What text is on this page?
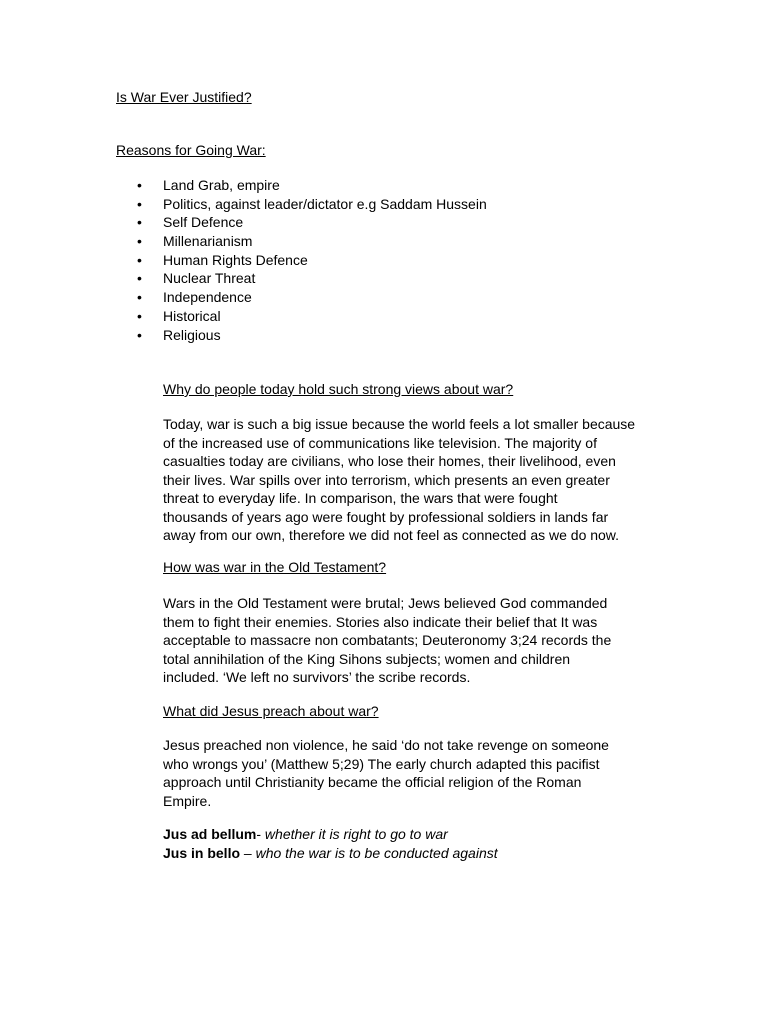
Is War Ever Justified?
Reasons for Going War:
• Land Grab, empire
• Politics, against leader/dictator e.g Saddam Hussein
• Self Defence
• Millenarianism
• Human Rights Defence
• Nuclear Threat
• Independence
• Historical
• Religious
Why do people today hold such strong views about war?
Today, war is such a big issue because the world feels a lot smaller because
of the increased use of communications like television. The majority of
casualties today are civilians, who lose their homes, their livelihood, even
their lives. War spills over into terrorism, which presents an even greater
threat to everyday life. In comparison, the wars that were fought
thousands of years ago were fought by professional soldiers in lands far
away from our own, therefore we did not feel as connected as we do now.
How was war in the Old Testament?
Wars in the Old Testament were brutal; Jews believed God commanded
them to fight their enemies. Stories also indicate their belief that It was
acceptable to massacre non combatants; Deuteronomy 3;24 records the
total annihilation of the King Sihons subjects; women and children
included. ‘We left no survivors’ the scribe records.
What did Jesus preach about war?
Jesus preached non violence, he said ‘do not take revenge on someone
who wrongs you’ (Matthew 5;29) The early church adapted this pacifist
approach until Christianity became the official religion of the Roman
Empire.
Jus ad bellum- whether it is right to go to war
Jus in bello – who the war is to be conducted against
